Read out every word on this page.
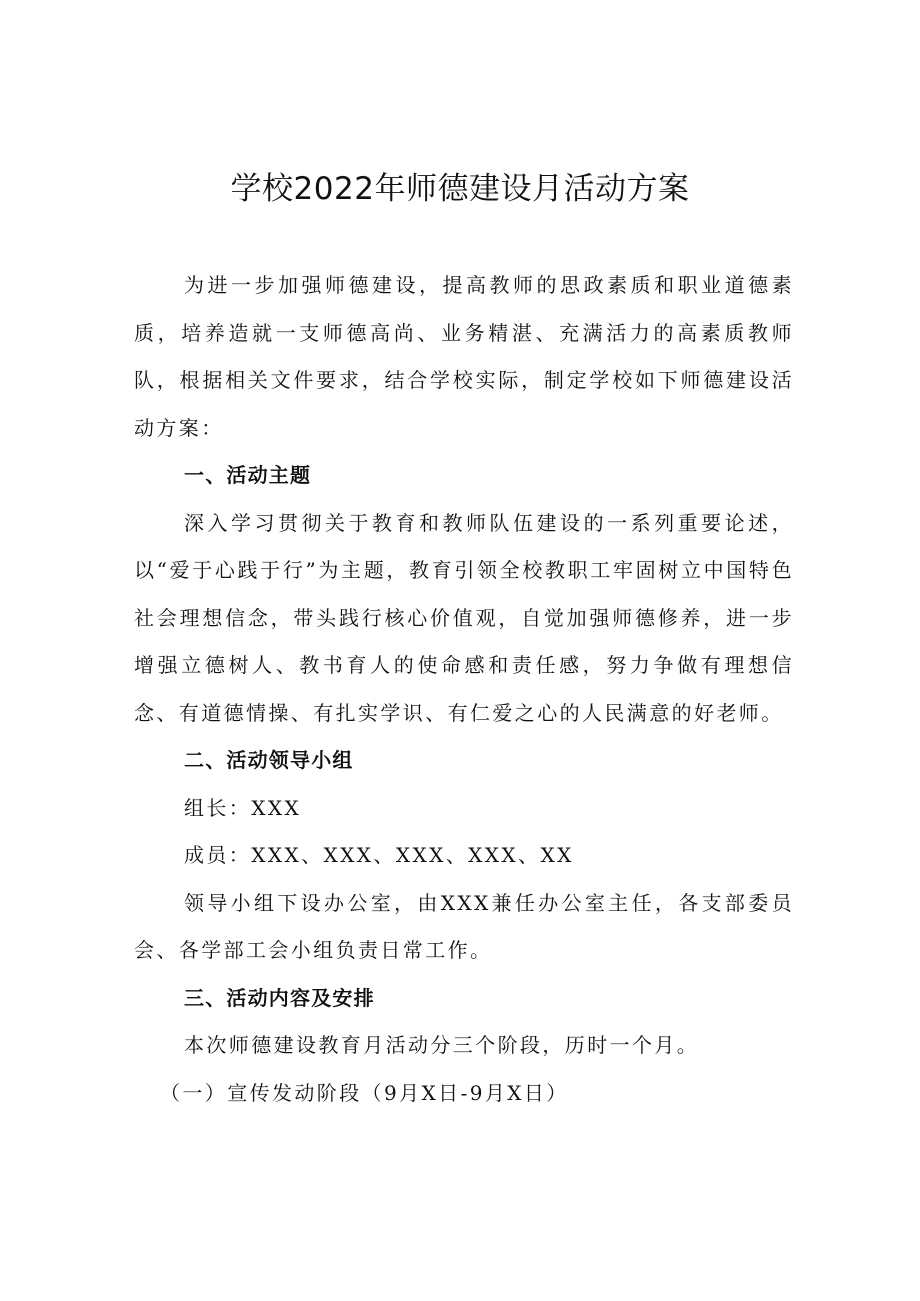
学校2022年师德建设月活动方案

为进一步加强师德建设，提高教师的思政素质和职业道德素质，培养造就一支师德高尚、业务精湛、充满活力的高素质教师队，根据相关文件要求，结合学校实际，制定学校如下师德建设活动方案：

一、活动主题

深入学习贯彻关于教育和教师队伍建设的一系列重要论述，以“爱于心践于行”为主题，教育引领全校教职工牢固树立中国特色社会理想信念，带头践行核心价值观，自觉加强师德修养，进一步增强立德树人、教书育人的使命感和责任感，努力争做有理想信念、有道德情操、有扎实学识、有仁爱之心的人民满意的好老师。

二、活动领导小组

组长：XXX

成员：XXX、XXX、XXX、XXX、XX

领导小组下设办公室，由XXX兼任办公室主任，各支部委员会、各学部工会小组负责日常工作。

三、活动内容及安排

本次师德建设教育月活动分三个阶段，历时一个月。

（一）宣传发动阶段（9月X日-9月X日）
